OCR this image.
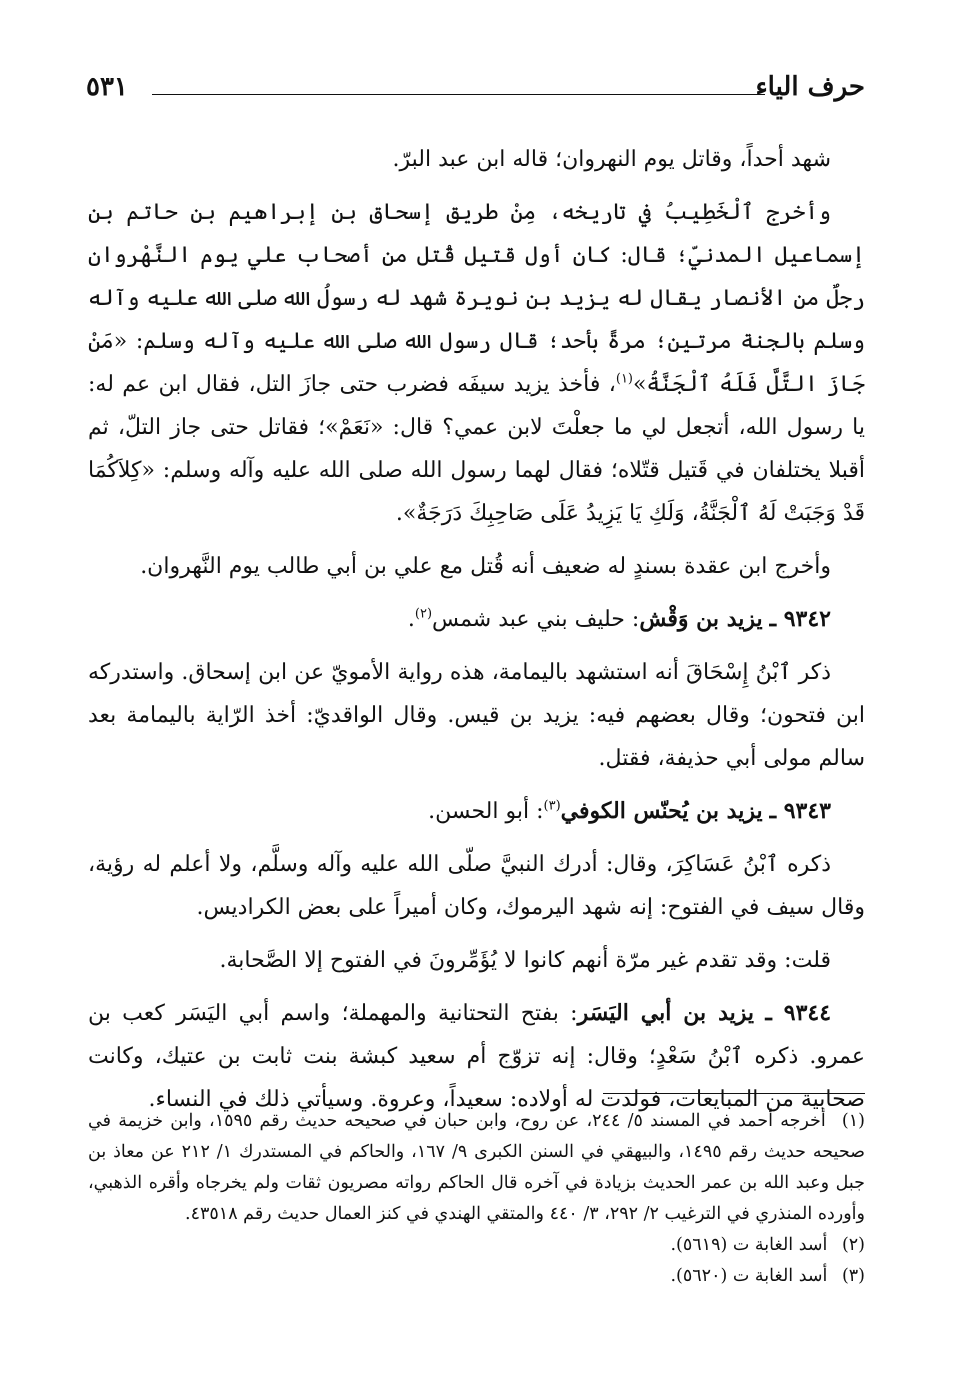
حرف الياء
٥٣١

شهد أحداً، وقاتل يوم النهروان؛ قاله ابن عبد البرّ.

وأخرج ٱلْخَطِيبُ في تاريخه، مِنْ طريق إسحاق بن إبراهيم بن حاتم بن إسماعيل المدنيّ؛ قال: كان أول قتيل قُتل من أصحاب علي يوم النَّهْروان رجلٌ من الأنصار يقال له يزيد بن نويرة شهد له رسولُ الله صلى الله عليه وآله وسلم بالجنة مرتين؛ مرةً بأحد؛ قال رسول الله صلى الله عليه وآله وسلم: «مَنْ جَازَ التَّلَّ فَلَهُ ٱلْجَنَّةُ»$^{(١)}$، فأخذ يزيد سيفَه فضرب حتى جازَ التل، فقال ابن عم له: يا رسول الله، أتجعل لي ما جعلْتَ لابن عمي؟ قال: «نَعَمْ»؛ فقاتل حتى جاز التلّ، ثم أقبلا يختلفان في قَتيل قتّلاه؛ فقال لهما رسول الله صلى الله عليه وآله وسلم: «كِلاَكُمَا قَدْ وَجَبَتْ لَهُ ٱلْجَنَّةُ، وَلَكِ يَا يَزِيدُ عَلَى صَاحِبِكَ دَرَجَةٌ».

وأخرج ابن عقدة بسندٍ له ضعيف أنه قُتل مع علي بن أبي طالب يوم النَّهروان.

٩٣٤٢ ـ يزيد بن وَقْش: حليف بني عبد شمس$^{(٢)}$.

ذكر ٱبْنُ إِسْحَاقَ أنه استشهد باليمامة، هذه رواية الأمويّ عن ابن إسحاق. واستدركه ابن فتحون؛ وقال بعضهم فيه: يزيد بن قيس. وقال الواقديّ: أخذ الرّاية باليمامة بعد سالم مولى أبي حذيفة، فقتل.

٩٣٤٣ ـ يزيد بن يُحنّس الكوفي$^{(٣)}$: أبو الحسن.

ذكره ٱبْنُ عَسَاكِرَ، وقال: أدرك النبيَّ صلّى الله عليه وآله وسلَّم، ولا أعلم له رؤية، وقال سيف في الفتوح: إنه شهد اليرموك، وكان أميراً على بعض الكراديس.

قلت: وقد تقدم غير مرّة أنهم كانوا لا يُؤَمِّرونَ في الفتوح إلا الصَّحابة.

٩٣٤٤ ـ يزيد بن أبي اليَسَر: بفتح التحتانية والمهملة؛ واسم أبي اليَسَر كعب بن عمرو. ذكره ٱبْنُ سَعْدٍ؛ وقال: إنه تزوّج أم سعيد كبشة بنت ثابت بن عتيك، وكانت صحابية من المبايعات، فولدت له أولاده: سعيداً، وعروة. وسيأتي ذلك في النساء.

(١) أخرجه أحمد في المسند ٥/ ٢٤٤، عن روح، وابن حبان في صحيحه حديث رقم ١٥٩٥، وابن خزيمة في صحيحه حديث رقم ١٤٩٥، والبيهقي في السنن الكبرى ٩/ ١٦٧، والحاكم في المستدرك ١/ ٢١٢ عن معاذ بن جبل وعبد الله بن عمر الحديث بزيادة في آخره قال الحاكم رواته مصريون ثقات ولم يخرجاه وأقره الذهبي، وأورده المنذري في الترغيب ٢/ ٢٩٢، ٣/ ٤٤٠ والمتقي الهندي في كنز العمال حديث رقم ٤٣٥١٨.

(٢) أسد الغابة ت (٥٦١٩).

(٣) أسد الغابة ت (٥٦٢٠).
